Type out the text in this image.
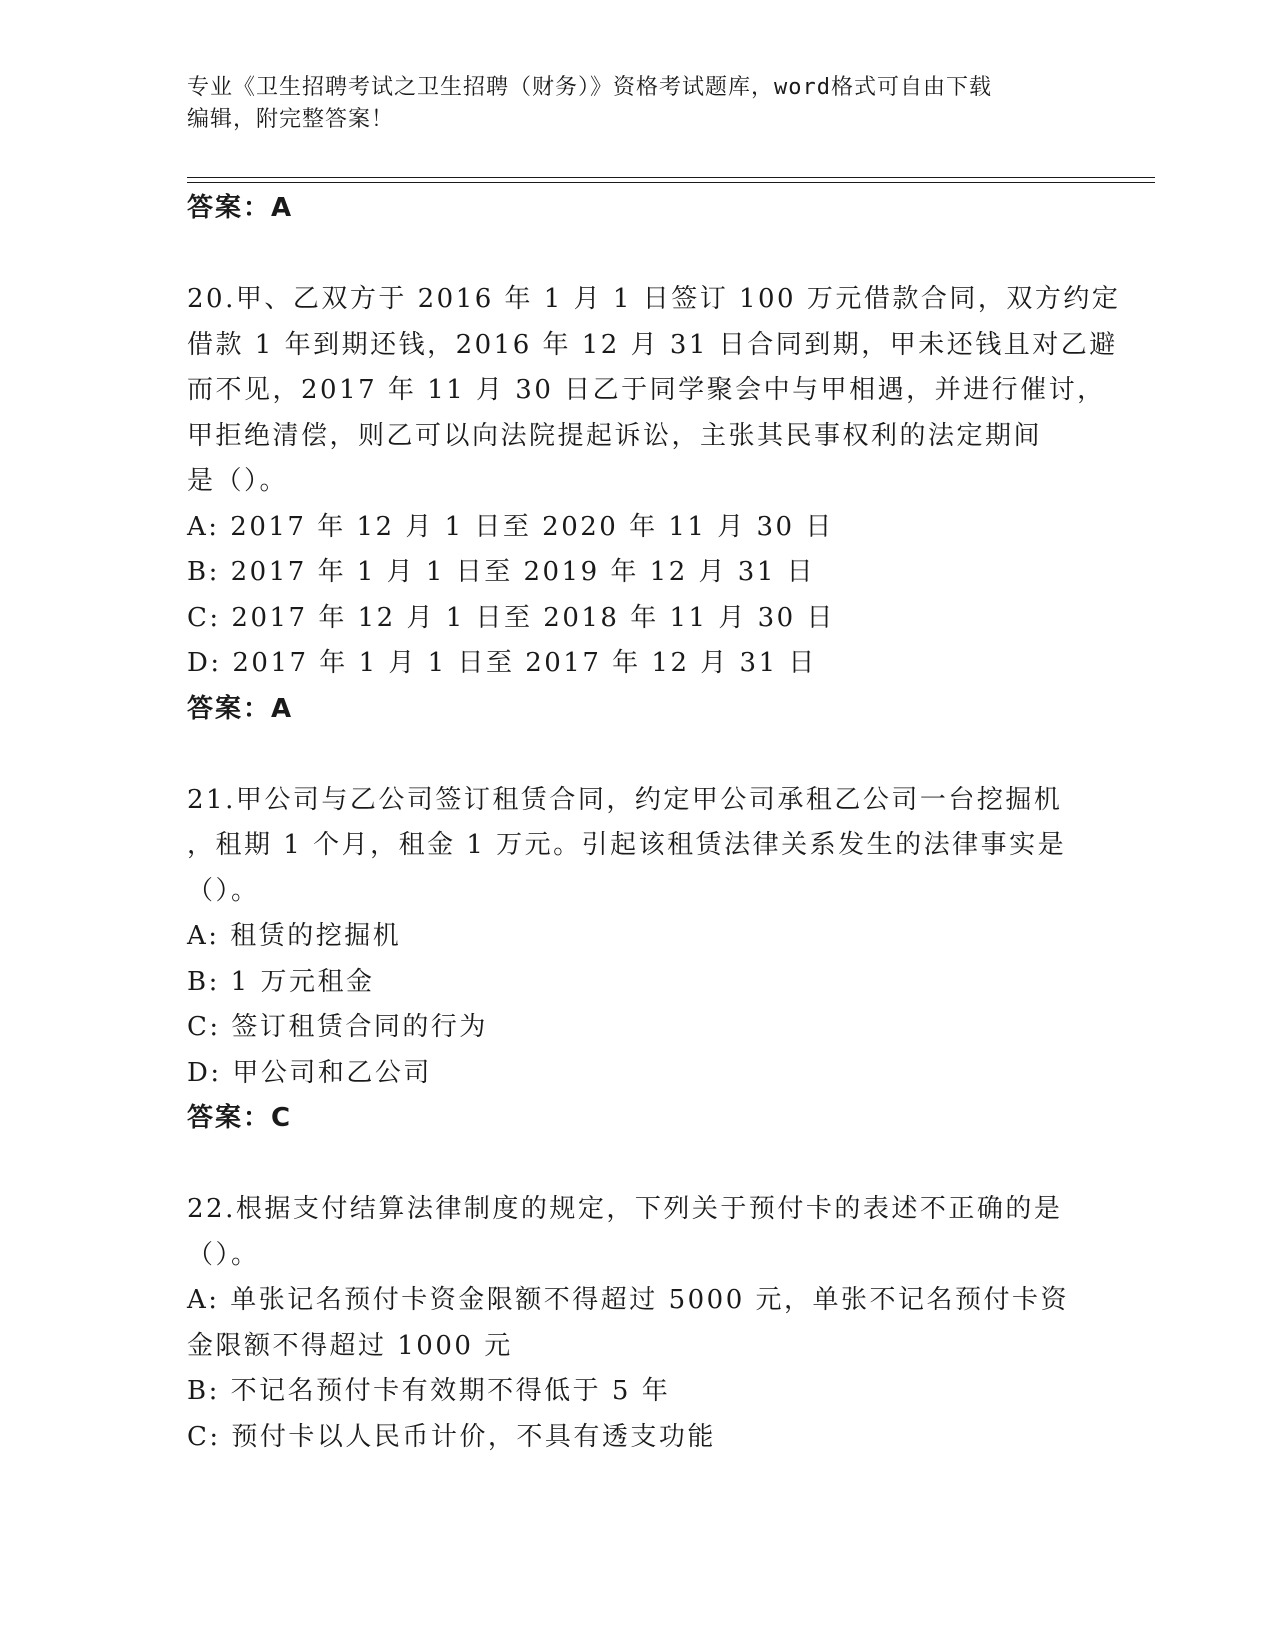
专业《卫生招聘考试之卫生招聘（财务）》资格考试题库，word格式可自由下载
编辑，附完整答案！
答案：A
20.甲、乙双方于 2016 年 1 月 1 日签订 100 万元借款合同，双方约定
借款 1 年到期还钱，2016 年 12 月 31 日合同到期，甲未还钱且对乙避
而不见，2017 年 11 月 30 日乙于同学聚会中与甲相遇，并进行催讨，
甲拒绝清偿，则乙可以向法院提起诉讼，主张其民事权利的法定期间
是（）。
A: 2017 年 12 月 1 日至 2020 年 11 月 30 日
B: 2017 年 1 月 1 日至 2019 年 12 月 31 日
C: 2017 年 12 月 1 日至 2018 年 11 月 30 日
D: 2017 年 1 月 1 日至 2017 年 12 月 31 日
答案：A
21.甲公司与乙公司签订租赁合同，约定甲公司承租乙公司一台挖掘机
，租期 1 个月，租金 1 万元。引起该租赁法律关系发生的法律事实是
（）。
A: 租赁的挖掘机
B: 1 万元租金
C: 签订租赁合同的行为
D: 甲公司和乙公司
答案：C
22.根据支付结算法律制度的规定，下列关于预付卡的表述不正确的是
（）。
A: 单张记名预付卡资金限额不得超过 5000 元，单张不记名预付卡资
金限额不得超过 1000 元
B: 不记名预付卡有效期不得低于 5 年
C: 预付卡以人民币计价，不具有透支功能
